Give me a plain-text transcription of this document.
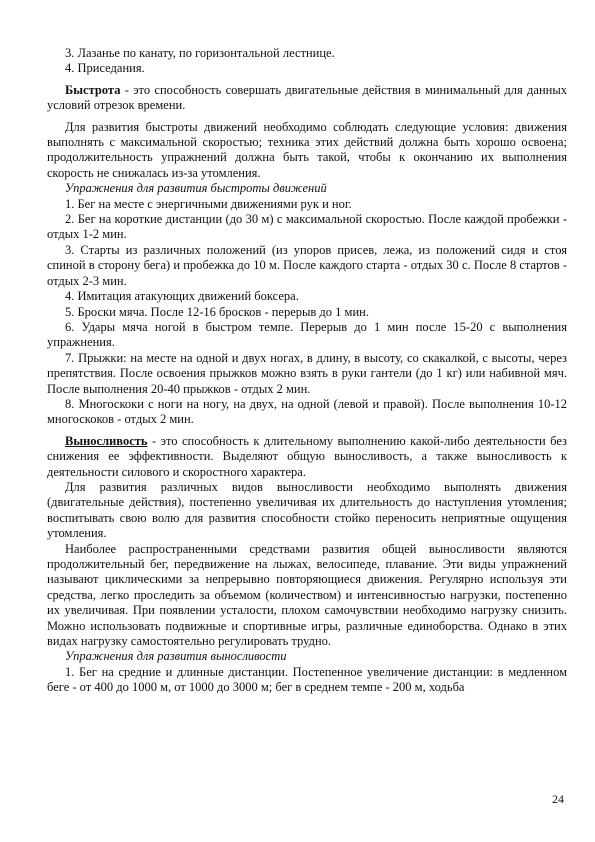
3. Лазанье по канату, по горизонтальной лестнице.

4. Приседания.

Быстрота - это способность совершать двигательные действия в минимальный для данных условий отрезок времени.

Для развития быстроты движений необходимо соблюдать следующие условия: движения выполнять с максимальной скоростью; техника этих действий должна быть хорошо освоена; продолжительность упражнений должна быть такой, чтобы к окончанию их выполнения скорость не снижалась из-за утомления.

Упражнения для развития быстроты движений

1. Бег на месте с энергичными движениями рук и ног.

2. Бег на короткие дистанции (до 30 м) с максимальной скоростью. После каждой пробежки - отдых 1-2 мин.

3. Старты из различных положений (из упоров присев, лежа, из положений сидя и стоя спиной в сторону бега) и пробежка до 10 м. После каждого старта - отдых 30 с. После 8 стартов - отдых 2-3 мин.

4. Имитация атакующих движений боксера.

5. Броски мяча. После 12-16 бросков - перерыв до 1 мин.

6. Удары мяча ногой в быстром темпе. Перерыв до 1 мин после 15-20 с выполнения упражнения.

7. Прыжки: на месте на одной и двух ногах, в длину, в высоту, со скакалкой, с высоты, через препятствия. После освоения прыжков можно взять в руки гантели (до 1 кг) или набивной мяч. После выполнения 20-40 прыжков - отдых 2 мин.

8. Многоскоки с ноги на ногу, на двух, на одной (левой и правой). После выполнения 10-12 многоскоков - отдых 2 мин.

Выносливость - это способность к длительному выполнению какой-либо деятельности без снижения ее эффективности. Выделяют общую выносливость, а также выносливость к деятельности силового и скоростного характера.

Для развития различных видов выносливости необходимо выполнять движения (двигательные действия), постепенно увеличивая их длительность до наступления утомления; воспитывать свою волю для развития способности стойко переносить неприятные ощущения утомления.

Наиболее распространенными средствами развития общей выносливости являются продолжительный бег, передвижение на лыжах, велосипеде, плавание. Эти виды упражнений называют циклическими за непрерывно повторяющиеся движения. Регулярно используя эти средства, легко проследить за объемом (количеством) и интенсивностью нагрузки, постепенно их увеличивая. При появлении усталости, плохом самочувствии необходимо нагрузку снизить. Можно использовать подвижные и спортивные игры, различные единоборства. Однако в этих видах нагрузку самостоятельно регулировать трудно.

Упражнения для развития выносливости

1. Бег на средние и длинные дистанции. Постепенное увеличение дистанции: в медленном беге - от 400 до 1000 м, от 1000 до 3000 м; бег в среднем темпе - 200 м, ходьба

24
